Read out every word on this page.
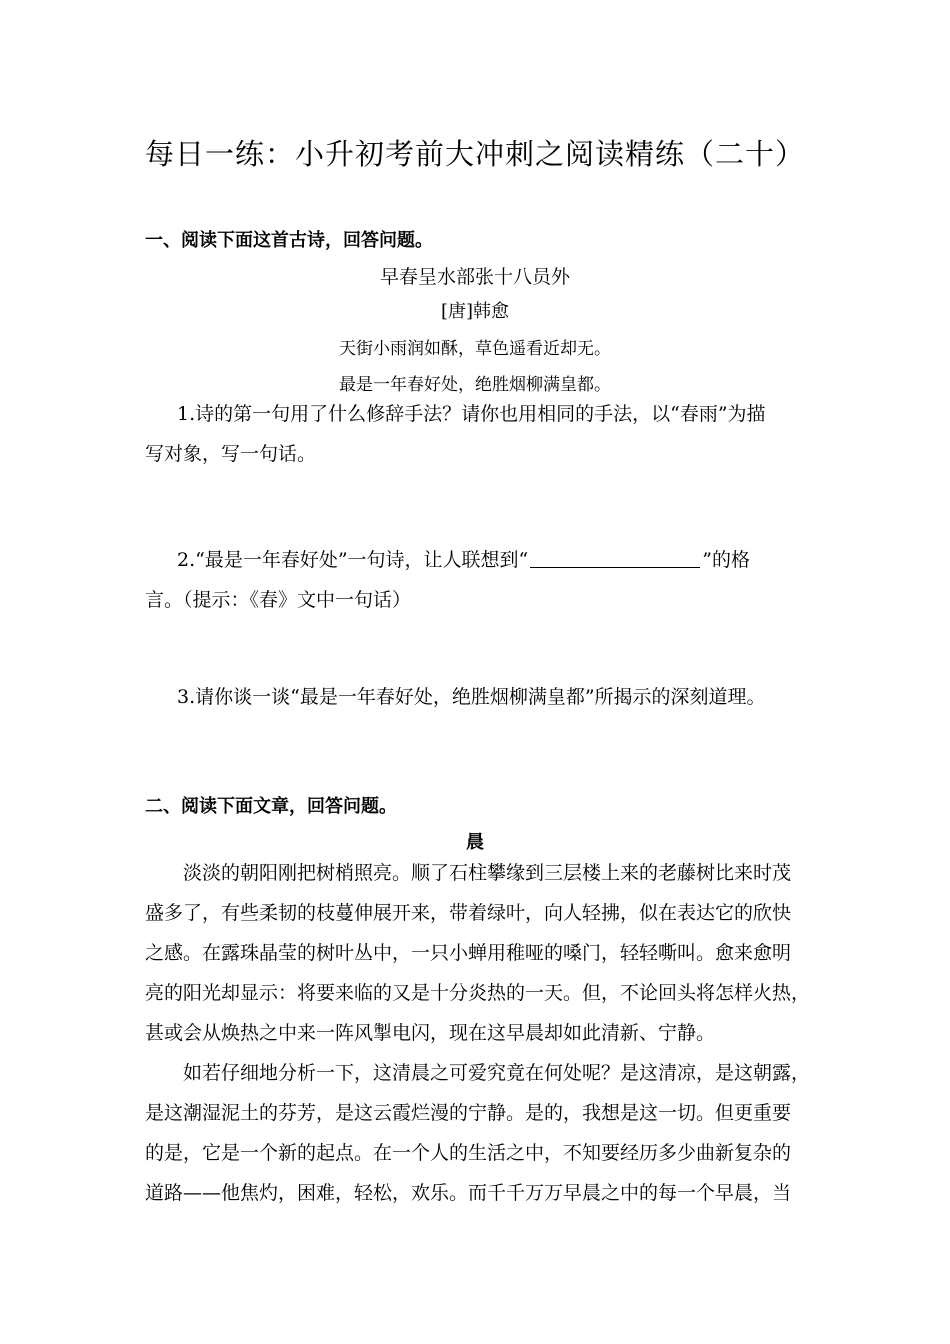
每日一练：小升初考前大冲刺之阅读精练（二十）
一、阅读下面这首古诗，回答问题。
早春呈水部张十八员外
[唐]韩愈
天街小雨润如酥，草色遥看近却无。
最是一年春好处，绝胜烟柳满皇都。
1.诗的第一句用了什么修辞手法？请你也用相同的手法，以“春雨”为描
写对象，写一句话。
2.“最是一年春好处”一句诗，让人联想到“	”的格
言。（提示：《春》文中一句话）
3.请你谈一谈“最是一年春好处，绝胜烟柳满皇都”所揭示的深刻道理。
二、阅读下面文章，回答问题。
晨
淡淡的朝阳刚把树梢照亮。顺了石柱攀缘到三层楼上来的老藤树比来时茂
盛多了，有些柔韧的枝蔓伸展开来，带着绿叶，向人轻拂，似在表达它的欣快
之感。在露珠晶莹的树叶丛中，一只小蝉用稚哑的嗓门，轻轻嘶叫。愈来愈明
亮的阳光却显示：将要来临的又是十分炎热的一天。但，不论回头将怎样火热，
甚或会从焕热之中来一阵风掣电闪，现在这早晨却如此清新、宁静。
如若仔细地分析一下，这清晨之可爱究竟在何处呢？是这清凉，是这朝露，
是这潮湿泥土的芬芳，是这云霞烂漫的宁静。是的，我想是这一切。但更重要
的是，它是一个新的起点。在一个人的生活之中，不知要经历多少曲新复杂的
道路——他焦灼，困难，轻松，欢乐。而千千万万早晨之中的每一个早晨，当
